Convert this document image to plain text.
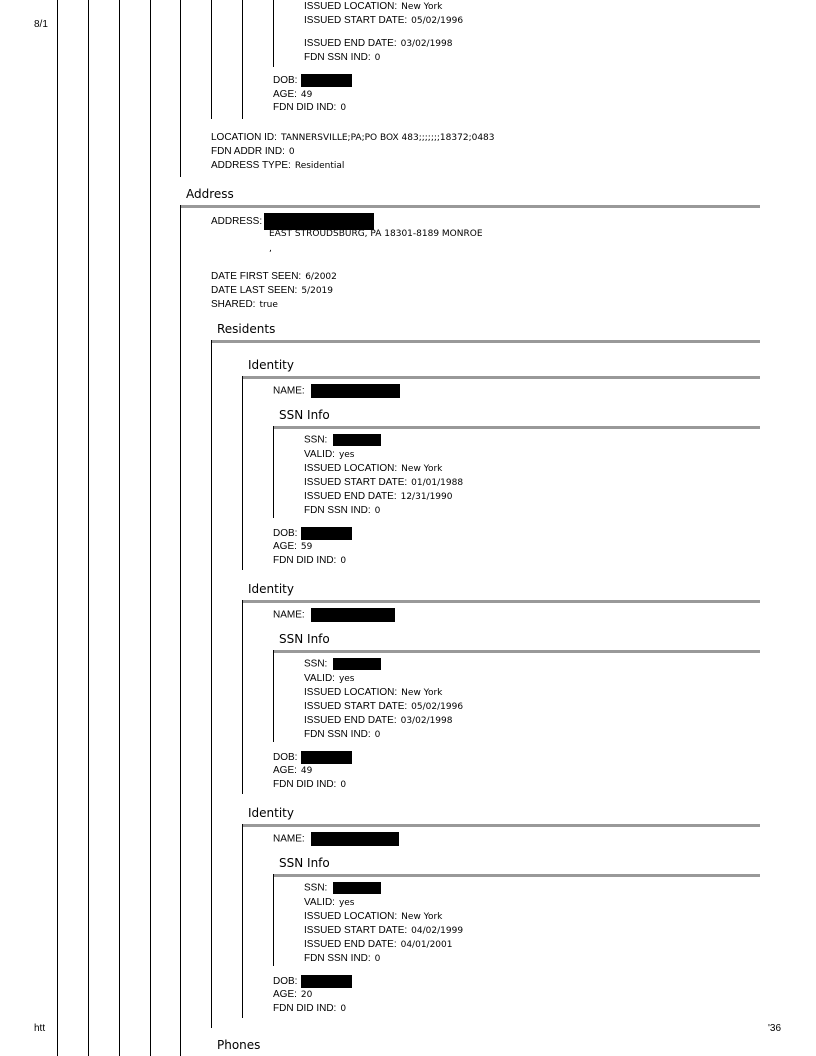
8/1
htt	'36
ISSUED LOCATION: New York
ISSUED START DATE: 05/02/1996
ISSUED END DATE: 03/02/1998
FDN SSN IND: 0
DOB:
AGE: 49
FDN DID IND: 0
LOCATION ID: TANNERSVILLE;PA;PO BOX 483;;;;;;;18372;0483
FDN ADDR IND: 0
ADDRESS TYPE: Residential
Address
ADDRESS:
EAST STROUDSBURG, PA 18301-8189 MONROE
,
DATE FIRST SEEN: 6/2002
DATE LAST SEEN: 5/2019
SHARED: true
Residents
Identity
NAME:
SSN Info
SSN:
VALID: yes
ISSUED LOCATION: New York
ISSUED START DATE: 01/01/1988
ISSUED END DATE: 12/31/1990
FDN SSN IND: 0
DOB:
AGE: 59
FDN DID IND: 0
Identity
NAME:
SSN Info
SSN:
VALID: yes
ISSUED LOCATION: New York
ISSUED START DATE: 05/02/1996
ISSUED END DATE: 03/02/1998
FDN SSN IND: 0
DOB:
AGE: 49
FDN DID IND: 0
Identity
NAME:
SSN Info
SSN:
VALID: yes
ISSUED LOCATION: New York
ISSUED START DATE: 04/02/1999
ISSUED END DATE: 04/01/2001
FDN SSN IND: 0
DOB:
AGE: 20
FDN DID IND: 0
Phones
